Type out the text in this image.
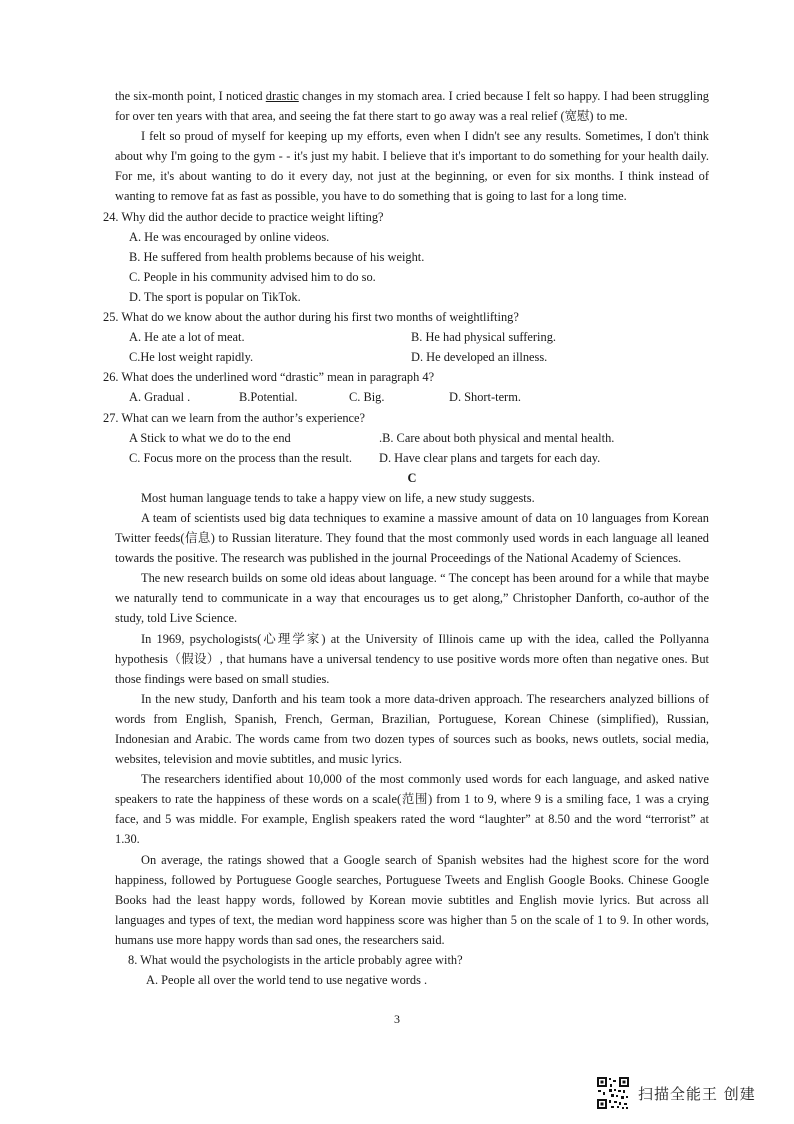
the six-month point, I noticed drastic changes in my stomach area. I cried because I felt so happy. I had been struggling for over ten years with that area, and seeing the fat there start to go away was a real relief (宽慰) to me.

I felt so proud of myself for keeping up my efforts, even when I didn't see any results. Sometimes, I don't think about why I'm going to the gym - - it's just my habit. I believe that it's important to do something for your health daily. For me, it's about wanting to do it every day, not just at the beginning, or even for six months. I think instead of wanting to remove fat as fast as possible, you have to do something that is going to last for a long time.

24. Why did the author decide to practice weight lifting?

A. He was encouraged by online videos.

B. He suffered from health problems because of his weight.

C. People in his community advised him to do so.

D. The sport is popular on TikTok.

25. What do we know about the author during his first two months of weightlifting?

A. He ate a lot of meat.	B. He had physical suffering.
C.He lost weight rapidly.	D. He developed an illness.

26. What does the underlined word “drastic” mean in paragraph 4?

A. Gradual .	B.Potential.	C. Big.	D. Short-term.

27. What can we learn from the author’s experience?

A Stick to what we do to the end	.B. Care about both physical and mental health.
C. Focus more on the process than the result.	D. Have clear plans and targets for each day.

C

Most human language tends to take a happy view on life, a new study suggests.

A team of scientists used big data techniques to examine a massive amount of data on 10 languages from Korean Twitter feeds(信息) to Russian literature. They found that the most commonly used words in each language all leaned towards the positive. The research was published in the journal Proceedings of the National Academy of Sciences.

The new research builds on some old ideas about language. “ The concept has been around for a while that maybe we naturally tend to communicate in a way that encourages us to get along,” Christopher Danforth, co-author of the study, told Live Science.

In 1969, psychologists(心理学家) at the University of Illinois came up with the idea, called the Pollyanna hypothesis（假设）, that humans have a universal tendency to use positive words more often than negative ones. But those findings were based on small studies.

In the new study, Danforth and his team took a more data-driven approach. The researchers analyzed billions of words from English, Spanish, French, German, Brazilian, Portuguese, Korean Chinese (simplified), Russian, Indonesian and Arabic. The words came from two dozen types of sources such as books, news outlets, social media, websites, television and movie subtitles, and music lyrics.

The researchers identified about 10,000 of the most commonly used words for each language, and asked native speakers to rate the happiness of these words on a scale(范围) from 1 to 9, where 9 is a smiling face, 1 was a crying face, and 5 was middle. For example, English speakers rated the word “laughter” at 8.50 and the word “terrorist” at 1.30.

On average, the ratings showed that a Google search of Spanish websites had the highest score for the word happiness, followed by Portuguese Google searches, Portuguese Tweets and English Google Books. Chinese Google Books had the least happy words, followed by Korean movie subtitles and English movie lyrics. But across all languages and types of text, the median word happiness score was higher than 5 on the scale of 1 to 9. In other words, humans use more happy words than sad ones, the researchers said.

8. What would the psychologists in the article probably agree with?

A. People all over the world tend to use negative words .

3
扫描全能王 创建
